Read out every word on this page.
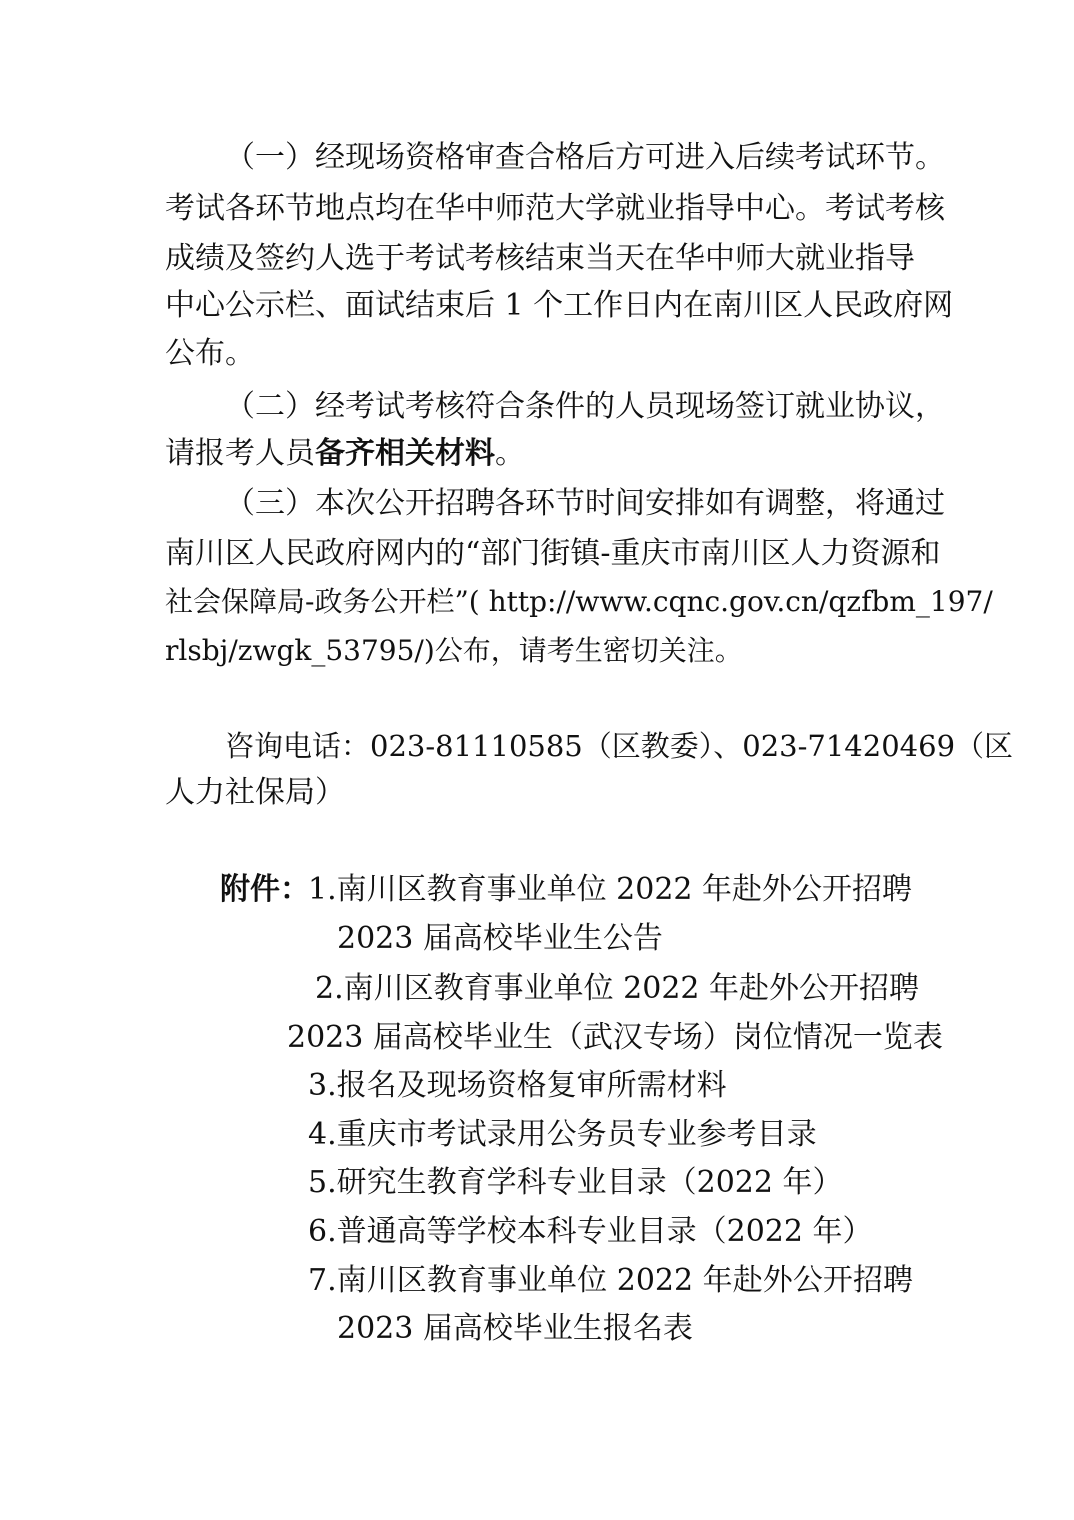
（一）经现场资格审查合格后方可进入后续考试环节。
考试各环节地点均在华中师范大学就业指导中心。考试考核
成绩及签约人选于考试考核结束当天在华中师大就业指导
中心公示栏、面试结束后 1 个工作日内在南川区人民政府网
公布。
（二）经考试考核符合条件的人员现场签订就业协议，
请报考人员备齐相关材料。
（三）本次公开招聘各环节时间安排如有调整，将通过
南川区人民政府网内的“部门街镇-重庆市南川区人力资源和
社会保障局-政务公开栏”( http://www.cqnc.gov.cn/qzfbm_197/
rlsbj/zwgk_53795/)公布，请考生密切关注。
咨询电话：023-81110585（区教委）、023-71420469（区
人力社保局）
附件：
1.南川区教育事业单位 2022 年赴外公开招聘
2023 届高校毕业生公告
2.南川区教育事业单位 2022 年赴外公开招聘
2023 届高校毕业生（武汉专场）岗位情况一览表
3.报名及现场资格复审所需材料
4.重庆市考试录用公务员专业参考目录
5.研究生教育学科专业目录（2022 年）
6.普通高等学校本科专业目录（2022 年）
7.南川区教育事业单位 2022 年赴外公开招聘
2023 届高校毕业生报名表
